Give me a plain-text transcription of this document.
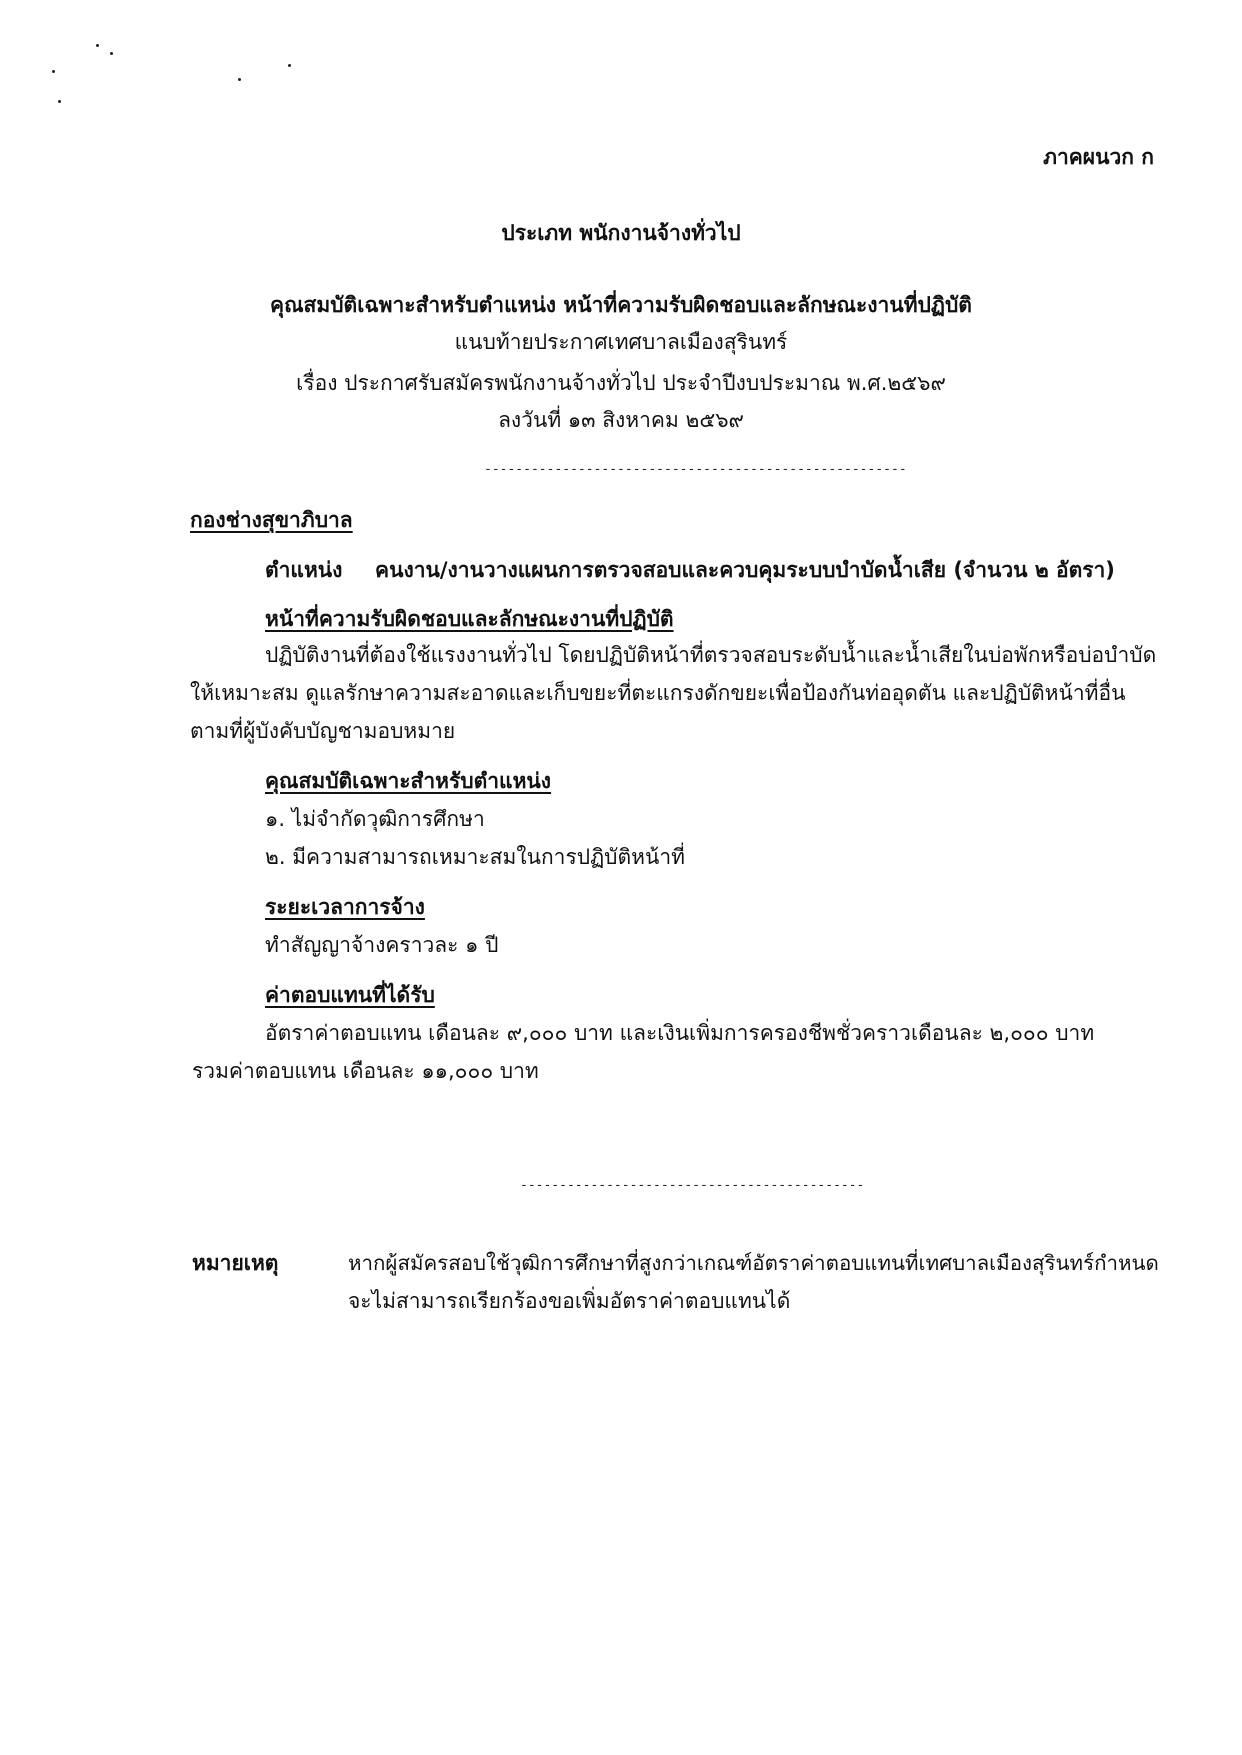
ภาคผนวก ก
ประเภท พนักงานจ้างทั่วไป
คุณสมบัติเฉพาะสำหรับตำแหน่ง หน้าที่ความรับผิดชอบและลักษณะงานที่ปฏิบัติ
แนบท้ายประกาศเทศบาลเมืองสุรินทร์
เรื่อง ประกาศรับสมัครพนักงานจ้างทั่วไป ประจำปีงบประมาณ พ.ศ.๒๕๖๙
ลงวันที่ ๑๓ สิงหาคม ๒๕๖๙
------------------------------------------------------
กองช่างสุขาภิบาล
ตำแหน่ง คนงาน/งานวางแผนการตรวจสอบและควบคุมระบบบำบัดน้ำเสีย (จำนวน ๒ อัตรา)
หน้าที่ความรับผิดชอบและลักษณะงานที่ปฏิบัติ
ปฏิบัติงานที่ต้องใช้แรงงานทั่วไป โดยปฏิบัติหน้าที่ตรวจสอบระดับน้ำและน้ำเสียในบ่อพักหรือบ่อบำบัด
ให้เหมาะสม ดูแลรักษาความสะอาดและเก็บขยะที่ตะแกรงดักขยะเพื่อป้องกันท่ออุดตัน และปฏิบัติหน้าที่อื่น
ตามที่ผู้บังคับบัญชามอบหมาย
คุณสมบัติเฉพาะสำหรับตำแหน่ง
๑. ไม่จำกัดวุฒิการศึกษา
๒. มีความสามารถเหมาะสมในการปฏิบัติหน้าที่
ระยะเวลาการจ้าง
ทำสัญญาจ้างคราวละ ๑ ปี
ค่าตอบแทนที่ได้รับ
อัตราค่าตอบแทน เดือนละ ๙,๐๐๐ บาท และเงินเพิ่มการครองชีพชั่วคราวเดือนละ ๒,๐๐๐ บาท
รวมค่าตอบแทน เดือนละ ๑๑,๐๐๐ บาท
--------------------------------------------
หมายเหตุ	หากผู้สมัครสอบใช้วุฒิการศึกษาที่สูงกว่าเกณฑ์อัตราค่าตอบแทนที่เทศบาลเมืองสุรินทร์กำหนด
จะไม่สามารถเรียกร้องขอเพิ่มอัตราค่าตอบแทนได้
